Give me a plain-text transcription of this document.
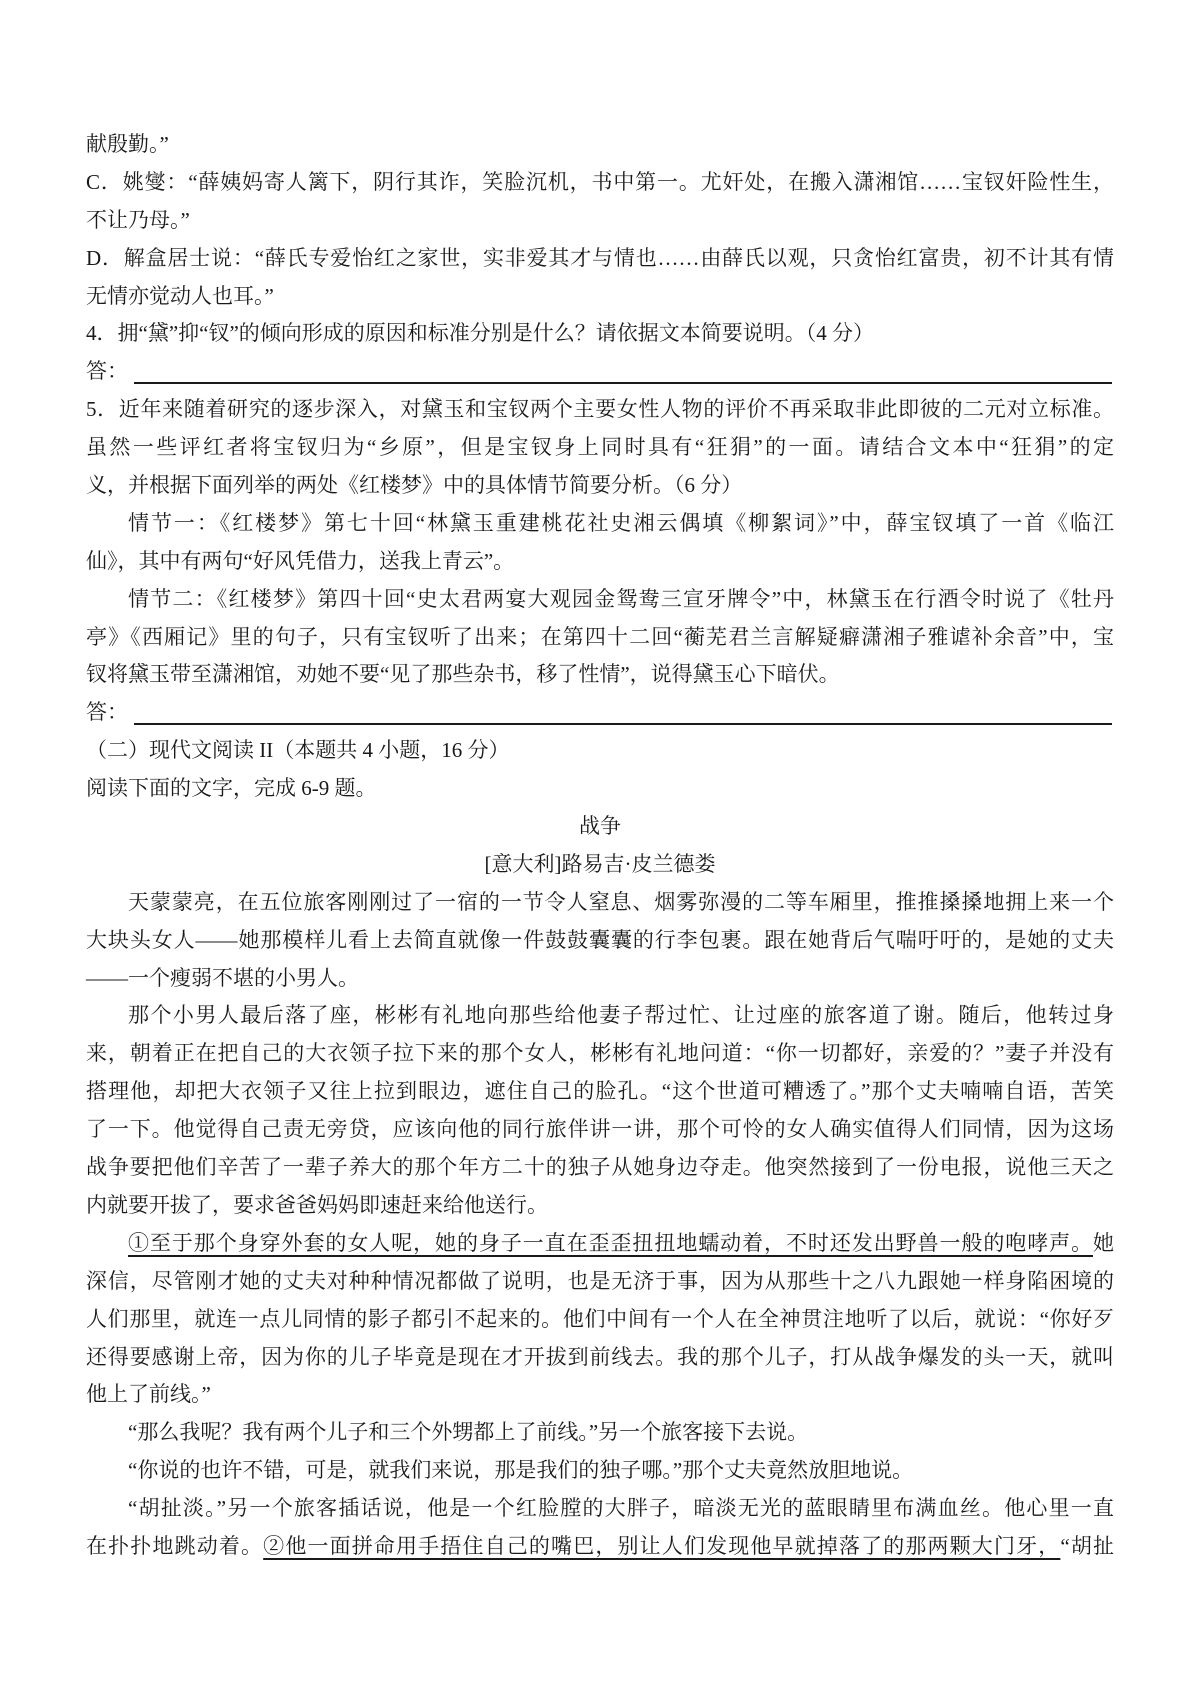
献殷勤。”
C．姚燮：“薛姨妈寄人篱下，阴行其诈，笑脸沉机，书中第一。尤奸处，在搬入潇湘馆……宝钗奸险性生，
不让乃母。”
D．解盒居士说：“薛氏专爱怡红之家世，实非爱其才与情也……由薛氏以观，只贪怡红富贵，初不计其有情
无情亦觉动人也耳。”
4．拥“黛”抑“钗”的倾向形成的原因和标准分别是什么？请依据文本简要说明。（4 分）
答：
5．近年来随着研究的逐步深入，对黛玉和宝钗两个主要女性人物的评价不再采取非此即彼的二元对立标准。
虽然一些评红者将宝钗归为“乡原”，但是宝钗身上同时具有“狂狷”的一面。请结合文本中“狂狷”的定
义，并根据下面列举的两处《红楼梦》中的具体情节简要分析。（6 分）
情节一：《红楼梦》第七十回“林黛玉重建桃花社史湘云偶填《柳絮词》”中，薛宝钗填了一首《临江
仙》，其中有两句“好风凭借力，送我上青云”。
情节二：《红楼梦》第四十回“史太君两宴大观园金鸳鸯三宣牙牌令”中，林黛玉在行酒令时说了《牡丹
亭》《西厢记》里的句子，只有宝钗听了出来；在第四十二回“蘅芜君兰言解疑癖潇湘子雅谑补余音”中，宝
钗将黛玉带至潇湘馆，劝她不要“见了那些杂书，移了性情”，说得黛玉心下暗伏。
答：
（二）现代文阅读 II（本题共 4 小题，16 分）
阅读下面的文字，完成 6-9 题。
战争
[意大利]路易吉·皮兰德娄
天蒙蒙亮，在五位旅客刚刚过了一宿的一节令人窒息、烟雾弥漫的二等车厢里，推推搡搡地拥上来一个
大块头女人——她那模样儿看上去简直就像一件鼓鼓囊囊的行李包裹。跟在她背后气喘吁吁的，是她的丈夫
——一个瘦弱不堪的小男人。
那个小男人最后落了座，彬彬有礼地向那些给他妻子帮过忙、让过座的旅客道了谢。随后，他转过身
来，朝着正在把自己的大衣领子拉下来的那个女人，彬彬有礼地问道：“你一切都好，亲爱的？”妻子并没有
搭理他，却把大衣领子又往上拉到眼边，遮住自己的脸孔。“这个世道可糟透了。”那个丈夫喃喃自语，苦笑
了一下。他觉得自己责无旁贷，应该向他的同行旅伴讲一讲，那个可怜的女人确实值得人们同情，因为这场
战争要把他们辛苦了一辈子养大的那个年方二十的独子从她身边夺走。他突然接到了一份电报，说他三天之
内就要开拔了，要求爸爸妈妈即速赶来给他送行。
①至于那个身穿外套的女人呢，她的身子一直在歪歪扭扭地蠕动着，不时还发出野兽一般的咆哮声。她
深信，尽管刚才她的丈夫对种种情况都做了说明，也是无济于事，因为从那些十之八九跟她一样身陷困境的
人们那里，就连一点儿同情的影子都引不起来的。他们中间有一个人在全神贯注地听了以后，就说：“你好歹
还得要感谢上帝，因为你的儿子毕竟是现在才开拔到前线去。我的那个儿子，打从战争爆发的头一天，就叫
他上了前线。”
“那么我呢？我有两个儿子和三个外甥都上了前线。”另一个旅客接下去说。
“你说的也许不错，可是，就我们来说，那是我们的独子哪。”那个丈夫竟然放胆地说。
“胡扯淡。”另一个旅客插话说，他是一个红脸膛的大胖子，暗淡无光的蓝眼睛里布满血丝。他心里一直
在扑扑地跳动着。②他一面拼命用手捂住自己的嘴巴，别让人们发现他早就掉落了的那两颗大门牙，“胡扯
